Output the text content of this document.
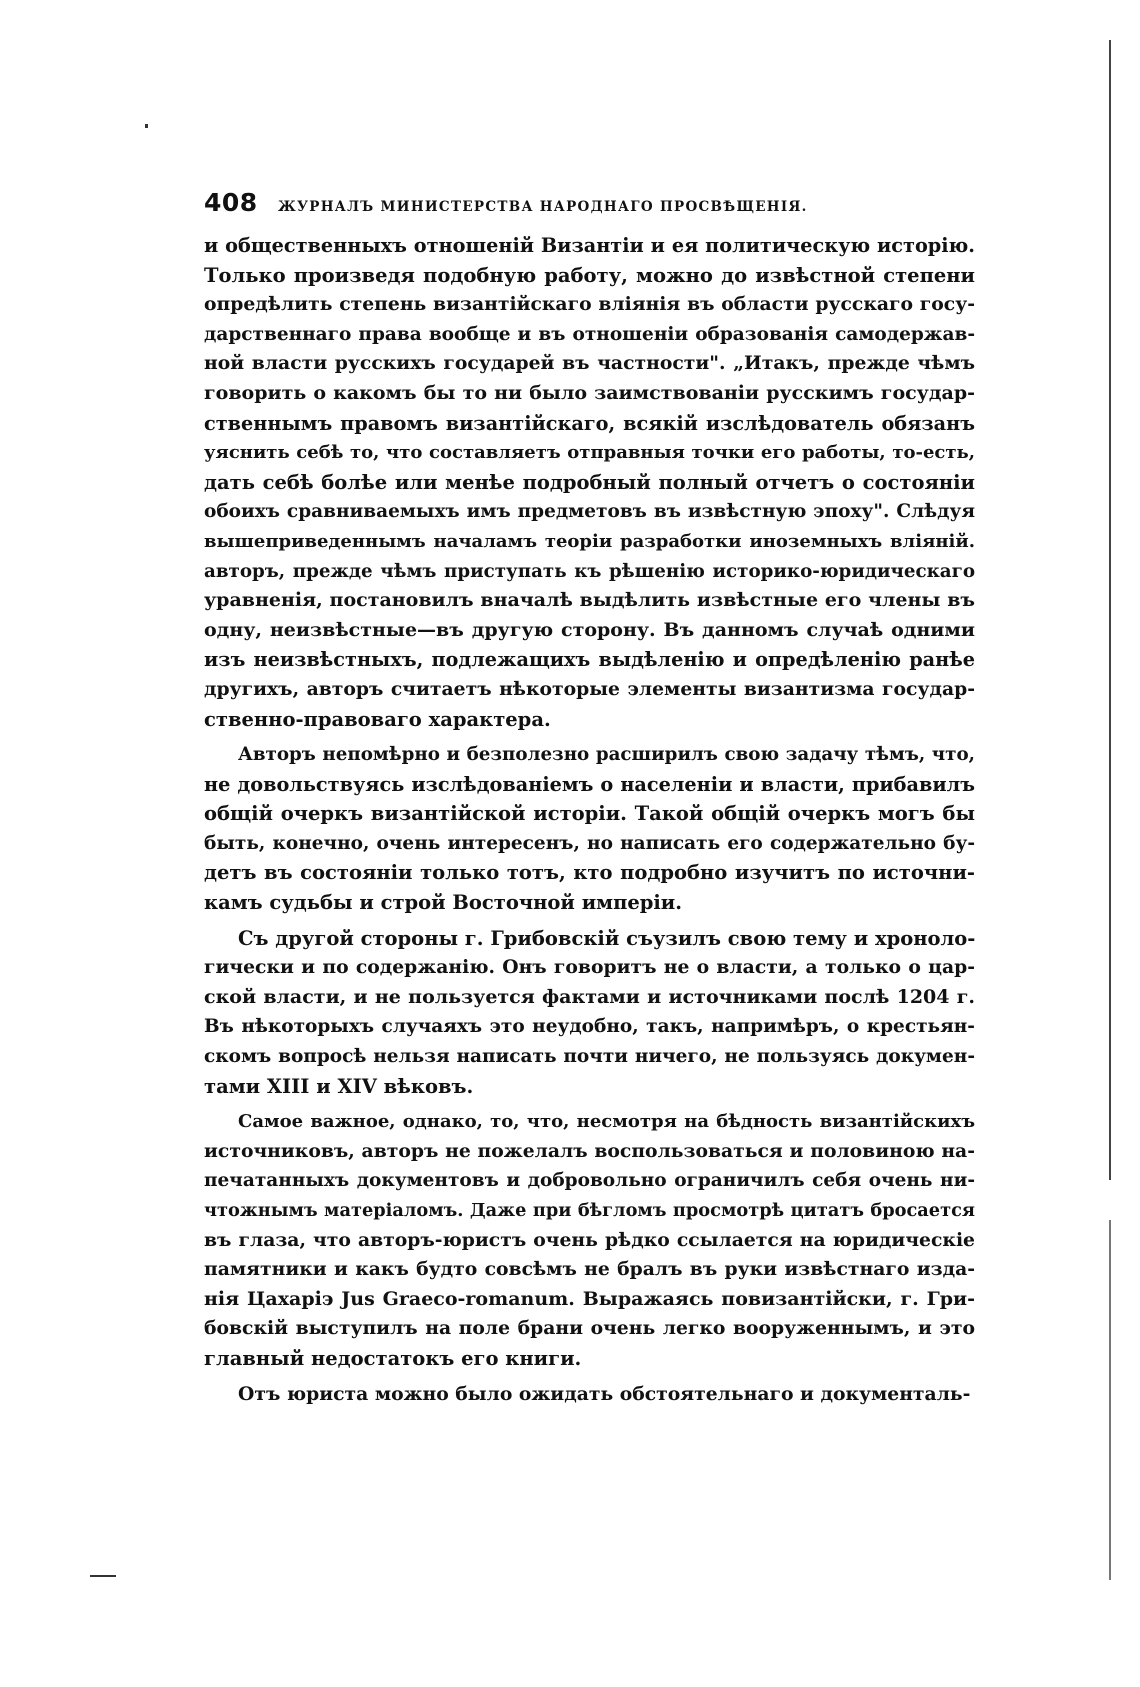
408	ЖУРНАЛЪ МИНИСТЕРСТВА НАРОДНАГО ПРОСВѢЩЕНІЯ.
и общественныхъ отношеній Византіи и ея политическую исторію.
Только произведя подобную работу, можно до извѣстной степени
опредѣлить степень византійскаго вліянія въ области русскаго госу-
дарственнаго права вообще и въ отношеніи образованія самодержав-
ной власти русскихъ государей въ частности". „Итакъ, прежде чѣмъ
говорить о какомъ бы то ни было заимствованіи русскимъ государ-
ственнымъ правомъ византійскаго, всякій изслѣдователь обязанъ
уяснить себѣ то, что составляетъ отправныя точки его работы, то-есть,
дать себѣ болѣе или менѣе подробный полный отчетъ о состояніи
обоихъ сравниваемыхъ имъ предметовъ въ извѣстную эпоху". Слѣдуя
вышеприведеннымъ началамъ теоріи разработки иноземныхъ вліяній.
авторъ, прежде чѣмъ приступать къ рѣшенію историко-юридическаго
уравненія, постановилъ вначалѣ выдѣлить извѣстные его члены въ
одну, неизвѣстные—въ другую сторону. Въ данномъ случаѣ одними
изъ неизвѣстныхъ, подлежащихъ выдѣленію и опредѣленію ранѣе
другихъ, авторъ считаетъ нѣкоторые элементы византизма государ-
ственно-правоваго характера.
Авторъ непомѣрно и безполезно расширилъ свою задачу тѣмъ, что,
не довольствуясь изслѣдованіемъ о населеніи и власти, прибавилъ
общій очеркъ византійской исторіи. Такой общій очеркъ могъ бы
быть, конечно, очень интересенъ, но написать его содержательно бу-
детъ въ состояніи только тотъ, кто подробно изучитъ по источни-
камъ судьбы и строй Восточной имперіи.
Съ другой стороны г. Грибовскій съузилъ свою тему и хроноло-
гически и по содержанію. Онъ говоритъ не о власти, а только о цар-
ской власти, и не пользуется фактами и источниками послѣ 1204 г.
Въ нѣкоторыхъ случаяхъ это неудобно, такъ, напримѣръ, о крестьян-
скомъ вопросѣ нельзя написать почти ничего, не пользуясь докумен-
тами XIII и XIV вѣковъ.
Самое важное, однако, то, что, несмотря на бѣдность византійскихъ
источниковъ, авторъ не пожелалъ воспользоваться и половиною на-
печатанныхъ документовъ и добровольно ограничилъ себя очень ни-
чтожнымъ матеріаломъ. Даже при бѣгломъ просмотрѣ цитатъ бросается
въ глаза, что авторъ-юристъ очень рѣдко ссылается на юридическіе
памятники и какъ будто совсѣмъ не бралъ въ руки извѣстнаго изда-
нія Цахаріэ Jus Graeco-romanum. Выражаясь повизантійски, г. Гри-
бовскій выступилъ на поле брани очень легко вооруженнымъ, и это
главный недостатокъ его книги.
Отъ юриста можно было ожидать обстоятельнаго и документаль-
